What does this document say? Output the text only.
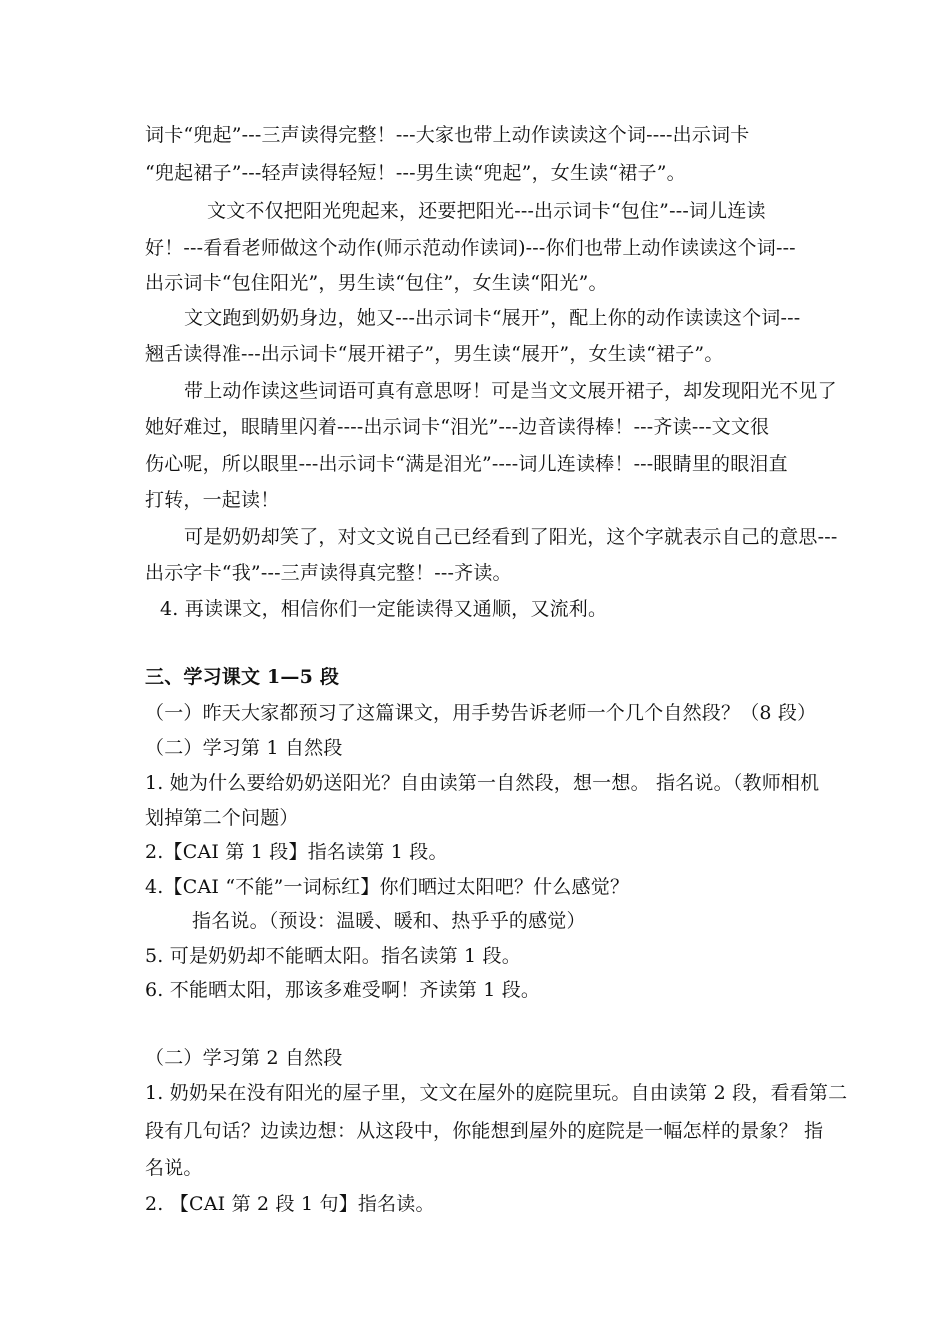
词卡“兜起”---三声读得完整！---大家也带上动作读读这个词----出示词卡
“兜起裙子”---轻声读得轻短！---男生读“兜起”，女生读“裙子”。
文文不仅把阳光兜起来，还要把阳光---出示词卡“包住”---词儿连读
好！---看看老师做这个动作(师示范动作读词)---你们也带上动作读读这个词---
出示词卡“包住阳光”，男生读“包住”，女生读“阳光”。
文文跑到奶奶身边，她又---出示词卡“展开”，配上你的动作读读这个词---
翘舌读得准---出示词卡“展开裙子”，男生读“展开”，女生读“裙子”。
带上动作读这些词语可真有意思呀！可是当文文展开裙子，却发现阳光不见了
她好难过，眼睛里闪着----出示词卡“泪光”---边音读得棒！---齐读---文文很
伤心呢，所以眼里---出示词卡“满是泪光”----词儿连读棒！---眼睛里的眼泪直
打转，一起读！
可是奶奶却笑了，对文文说自己已经看到了阳光，这个字就表示自己的意思---
出示字卡“我”---三声读得真完整！---齐读。
4. 再读课文，相信你们一定能读得又通顺，又流利。
三、学习课文 1—5 段
（一）昨天大家都预习了这篇课文，用手势告诉老师一个几个自然段？（8 段）
（二）学习第 1 自然段
1. 她为什么要给奶奶送阳光？自由读第一自然段，想一想。 指名说。（教师相机
划掉第二个问题）
2.【CAI 第 1 段】指名读第 1 段。
4.【CAI “不能”一词标红】你们晒过太阳吧？什么感觉？
指名说。（预设：温暖、暖和、热乎乎的感觉）
5. 可是奶奶却不能晒太阳。指名读第 1 段。
6. 不能晒太阳，那该多难受啊！齐读第 1 段。
（二）学习第 2 自然段
1. 奶奶呆在没有阳光的屋子里，文文在屋外的庭院里玩。自由读第 2 段，看看第二
段有几句话？边读边想：从这段中，你能想到屋外的庭院是一幅怎样的景象？ 指
名说。
2. 【CAI 第 2 段 1 句】指名读。
